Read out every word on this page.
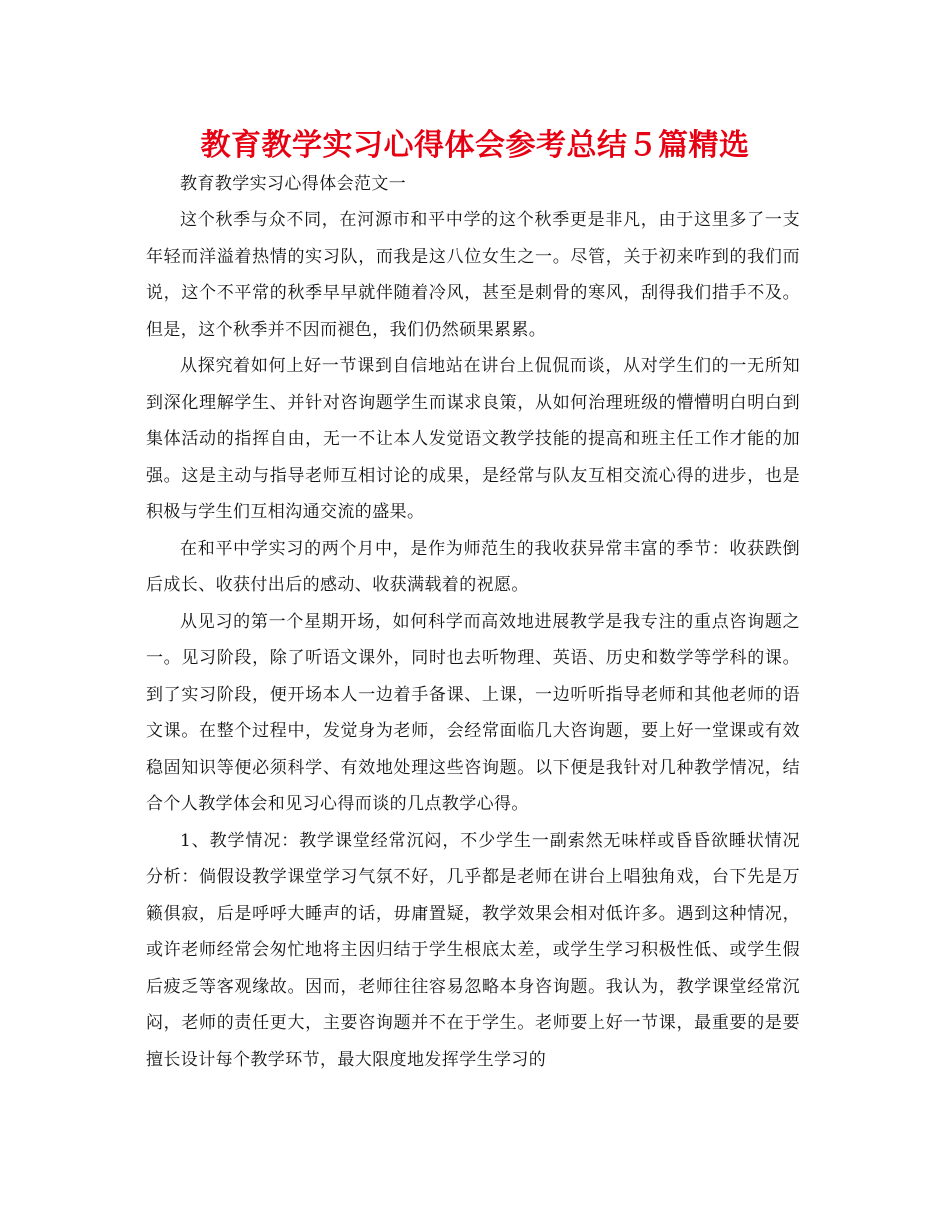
教育教学实习心得体会参考总结５篇精选

教育教学实习心得体会范文一

这个秋季与众不同，在河源市和平中学的这个秋季更是非凡，由于这里多了一支年轻而洋溢着热情的实习队，而我是这八位女生之一。尽管，关于初来咋到的我们而说，这个不平常的秋季早早就伴随着冷风，甚至是刺骨的寒风，刮得我们措手不及。但是，这个秋季并不因而褪色，我们仍然硕果累累。

从探究着如何上好一节课到自信地站在讲台上侃侃而谈，从对学生们的一无所知到深化理解学生、并针对咨询题学生而谋求良策，从如何治理班级的懵懵明白明白到集体活动的指挥自由，无一不让本人发觉语文教学技能的提高和班主任工作才能的加强。这是主动与指导老师互相讨论的成果，是经常与队友互相交流心得的进步，也是积极与学生们互相沟通交流的盛果。

在和平中学实习的两个月中，是作为师范生的我收获异常丰富的季节：收获跌倒后成长、收获付出后的感动、收获满载着的祝愿。

从见习的第一个星期开场，如何科学而高效地进展教学是我专注的重点咨询题之一。见习阶段，除了听语文课外，同时也去听物理、英语、历史和数学等学科的课。到了实习阶段，便开场本人一边着手备课、上课，一边听听指导老师和其他老师的语文课。在整个过程中，发觉身为老师，会经常面临几大咨询题，要上好一堂课或有效稳固知识等便必须科学、有效地处理这些咨询题。以下便是我针对几种教学情况，结合个人教学体会和见习心得而谈的几点教学心得。

1、教学情况：教学课堂经常沉闷，不少学生一副索然无味样或昏昏欲睡状情况分析：倘假设教学课堂学习气氛不好，几乎都是老师在讲台上唱独角戏，台下先是万籁俱寂，后是呼呼大睡声的话，毋庸置疑，教学效果会相对低许多。遇到这种情况，或许老师经常会匆忙地将主因归结于学生根底太差，或学生学习积极性低、或学生假后疲乏等客观缘故。因而，老师往往容易忽略本身咨询题。我认为，教学课堂经常沉闷，老师的责任更大，主要咨询题并不在于学生。老师要上好一节课，最重要的是要擅长设计每个教学环节，最大限度地发挥学生学习的
